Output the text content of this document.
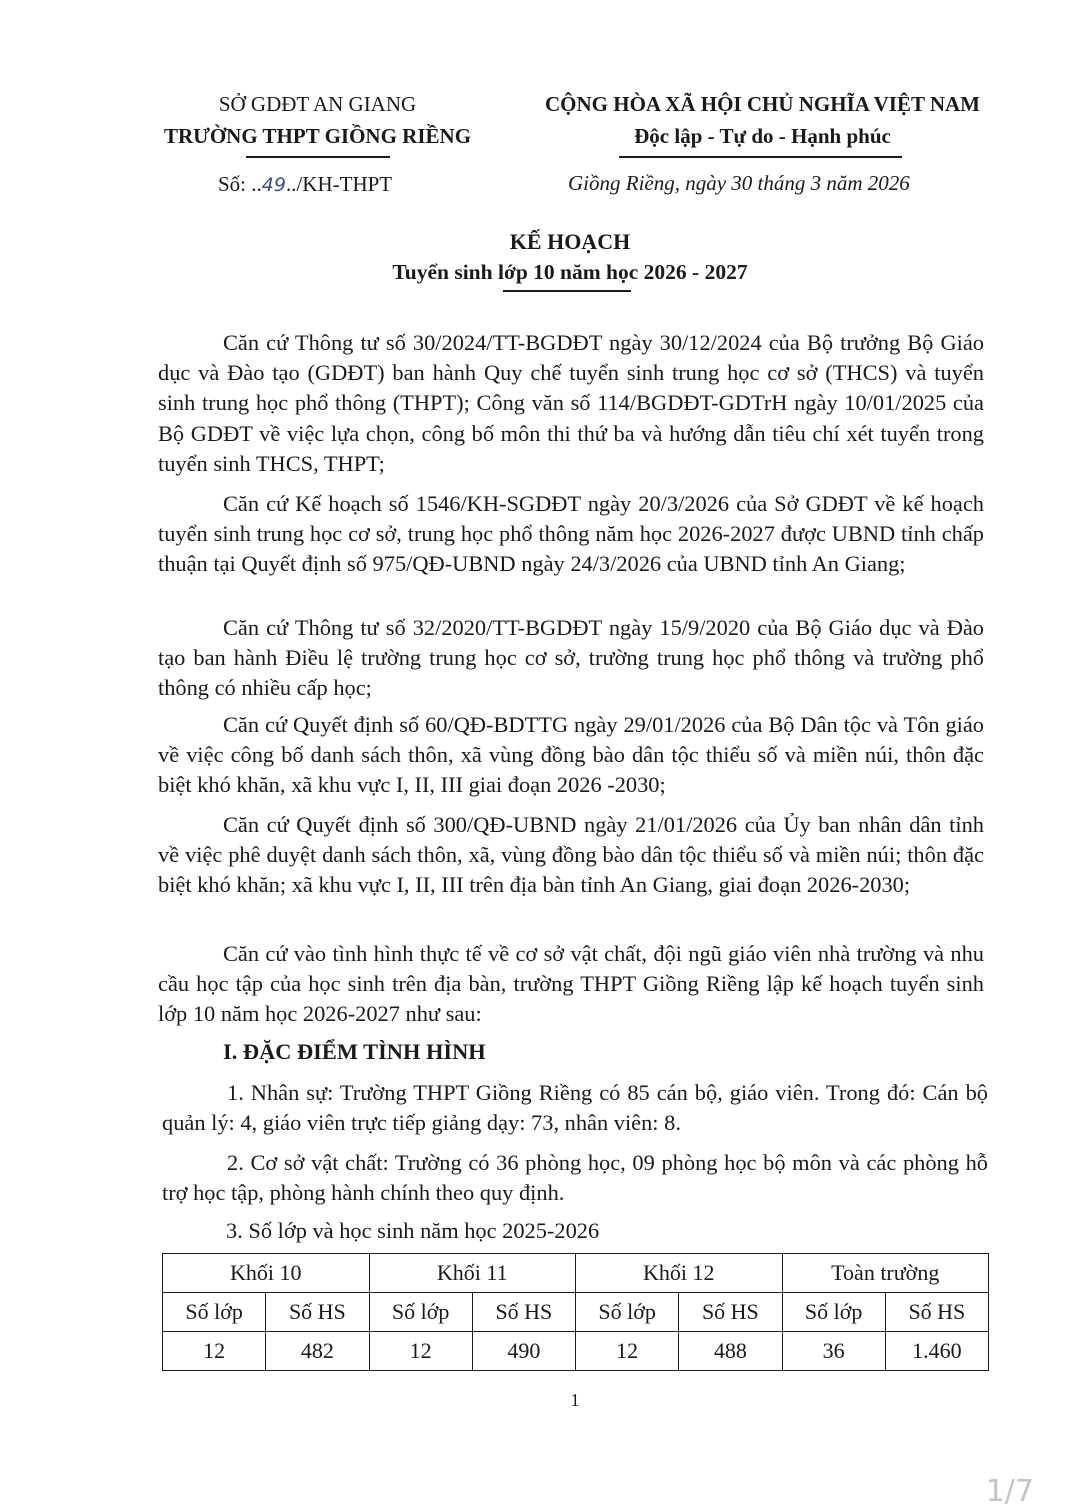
SỞ GDĐT AN GIANG
TRƯỜNG THPT GIỒNG RIỀNG
CỘNG HÒA XÃ HỘI CHỦ NGHĨA VIỆT NAM
Độc lập - Tự do - Hạnh phúc
Số: ..49../KH-THPT	Giồng Riềng, ngày 30 tháng 3 năm 2026
KẾ HOẠCH
Tuyển sinh lớp 10 năm học 2026 - 2027

Căn cứ Thông tư số 30/2024/TT-BGDĐT ngày 30/12/2024 của Bộ trưởng Bộ Giáo dục và Đào tạo (GDĐT) ban hành Quy chế tuyển sinh trung học cơ sở (THCS) và tuyển sinh trung học phổ thông (THPT); Công văn số 114/BGDĐT-GDTrH ngày 10/01/2025 của Bộ GDĐT về việc lựa chọn, công bố môn thi thứ ba và hướng dẫn tiêu chí xét tuyển trong tuyển sinh THCS, THPT;

Căn cứ Kế hoạch số 1546/KH-SGDĐT ngày 20/3/2026 của Sở GDĐT về kế hoạch tuyển sinh trung học cơ sở, trung học phổ thông năm học 2026-2027 được UBND tỉnh chấp thuận tại Quyết định số 975/QĐ-UBND ngày 24/3/2026 của UBND tỉnh An Giang;

Căn cứ Thông tư số 32/2020/TT-BGDĐT ngày 15/9/2020 của Bộ Giáo dục và Đào tạo ban hành Điều lệ trường trung học cơ sở, trường trung học phổ thông và trường phổ thông có nhiều cấp học;

Căn cứ Quyết định số 60/QĐ-BDTTG ngày 29/01/2026 của Bộ Dân tộc và Tôn giáo về việc công bố danh sách thôn, xã vùng đồng bào dân tộc thiểu số và miền núi, thôn đặc biệt khó khăn, xã khu vực I, II, III giai đoạn 2026 -2030;

Căn cứ Quyết định số 300/QĐ-UBND ngày 21/01/2026 của Ủy ban nhân dân tỉnh về việc phê duyệt danh sách thôn, xã, vùng đồng bào dân tộc thiểu số và miền núi; thôn đặc biệt khó khăn; xã khu vực I, II, III trên địa bàn tỉnh An Giang, giai đoạn 2026-2030;

Căn cứ vào tình hình thực tế về cơ sở vật chất, đội ngũ giáo viên nhà trường và nhu cầu học tập của học sinh trên địa bàn, trường THPT Giồng Riềng lập kế hoạch tuyển sinh lớp 10 năm học 2026-2027 như sau:

I. ĐẶC ĐIỂM TÌNH HÌNH

1. Nhân sự: Trường THPT Giồng Riềng có 85 cán bộ, giáo viên. Trong đó: Cán bộ quản lý: 4, giáo viên trực tiếp giảng dạy: 73, nhân viên: 8.

2. Cơ sở vật chất: Trường có 36 phòng học, 09 phòng học bộ môn và các phòng hỗ trợ học tập, phòng hành chính theo quy định.

3. Số lớp và học sinh năm học 2025-2026
Khối 10		Khối 11		Khối 12		Toàn trường	
Số lớp	Số HS	Số lớp	Số HS	Số lớp	Số HS	Số lớp	Số HS
12	482	12	490	12	488	36	1.460
1
1/7
